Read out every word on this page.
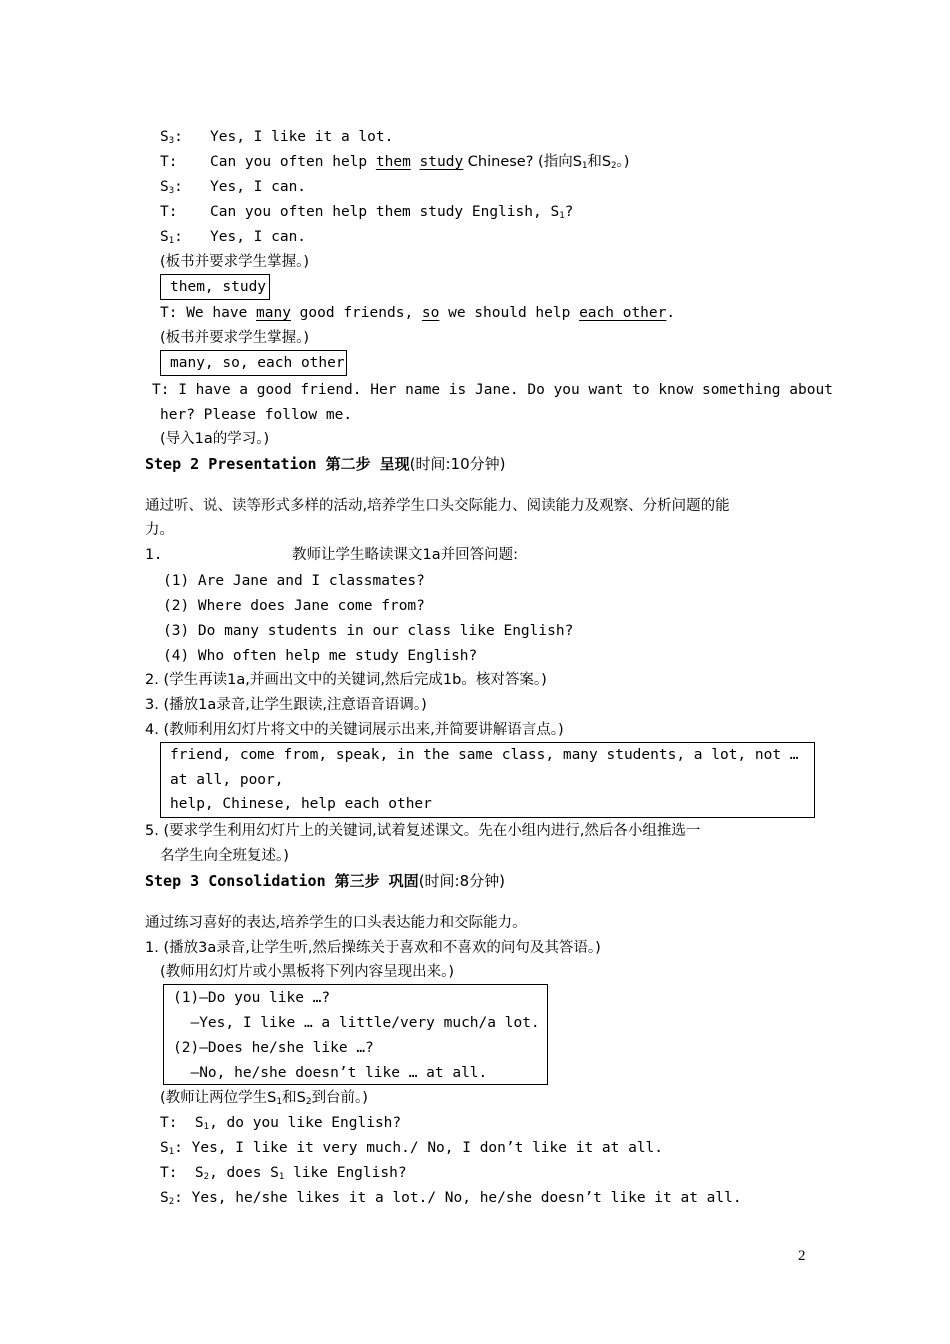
$S_3$: Yes, I like it a lot.
T: Can you often help them study Chinese? (指向$S_1$和$S_2$。)
$S_3$: Yes, I can.
T: Can you often help them study English, $S_1$?
$S_1$: Yes, I can.
(板书并要求学生掌握。)
them, study
T: We have many good friends, so we should help each other.
(板书并要求学生掌握。)
many, so, each other
T: I have a good friend. Her name is Jane. Do you want to know something about
her? Please follow me.
(导入1a的学习。)
Step 2 Presentation 第二步 呈现(时间:10分钟)
通过听、说、读等形式多样的活动,培养学生口头交际能力、阅读能力及观察、分析问题的能
力。
1.	教师让学生略读课文1a并回答问题:
(1) Are Jane and I classmates?
(2) Where does Jane come from?
(3) Do many students in our class like English?
(4) Who often help me study English?
2. (学生再读1a,并画出文中的关键词,然后完成1b。核对答案。)
3. (播放1a录音,让学生跟读,注意语音语调。)
4. (教师利用幻灯片将文中的关键词展示出来,并简要讲解语言点。)
friend, come from, speak, in the same class, many students, a lot, not …
at all, poor,
help, Chinese, help each other
5. (要求学生利用幻灯片上的关键词,试着复述课文。先在小组内进行,然后各小组推选一
名学生向全班复述。)
Step 3 Consolidation 第三步 巩固(时间:8分钟)
通过练习喜好的表达,培养学生的口头表达能力和交际能力。
1. (播放3a录音,让学生听,然后操练关于喜欢和不喜欢的问句及其答语。)
(教师用幻灯片或小黑板将下列内容呈现出来。)
(1)—Do you like …?
—Yes, I like … a little/very much/a lot.
(2)—Does he/she like …?
—No, he/she doesn’t like … at all.
(教师让两位学生$S_1$和$S_2$到台前。)
T:  $S_1$, do you like English?
$S_1$: Yes, I like it very much./ No, I don’t like it at all.
T:  $S_2$, does $S_1$ like English?
$S_2$: Yes, he/she likes it a lot./ No, he/she doesn’t like it at all.
2
